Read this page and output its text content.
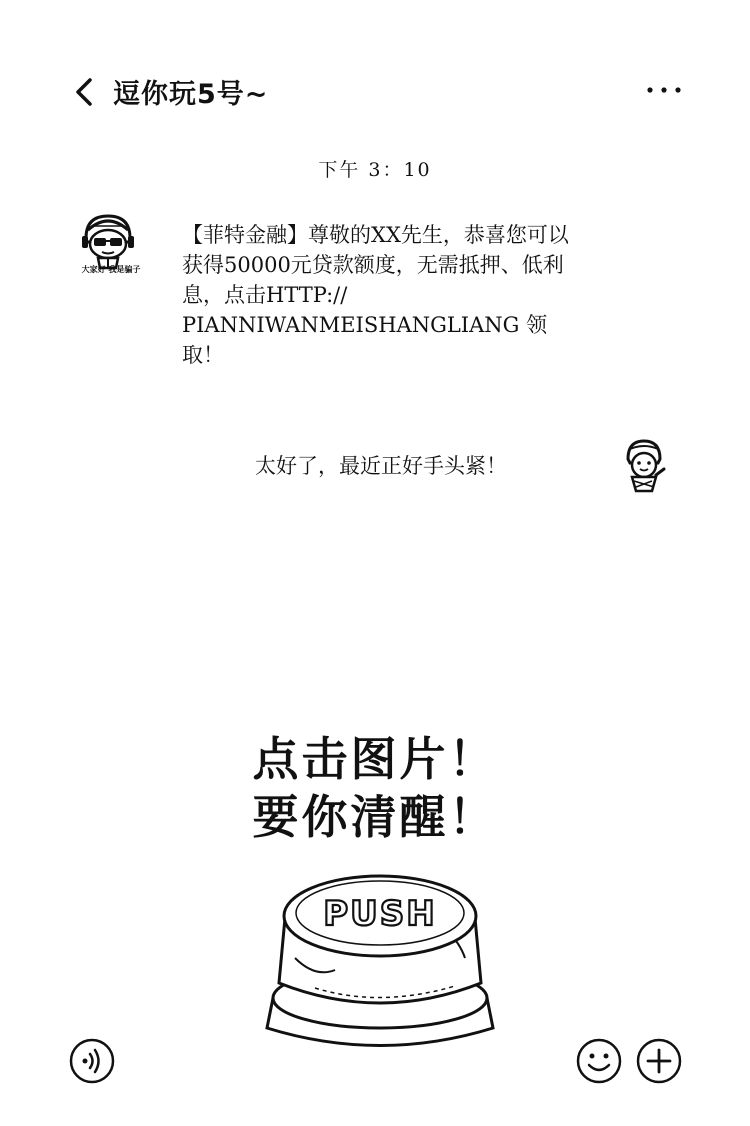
逗你玩5号~
下午 3：10
大家好 我是骗子
【菲特金融】尊敬的XX先生，恭喜您可以获得50000元贷款额度，无需抵押、低利息，点击HTTP://
PIANNIWANMEISHANGLIANG 领取！
太好了，最近正好手头紧！
点击图片！
要你清醒！
PUSH
